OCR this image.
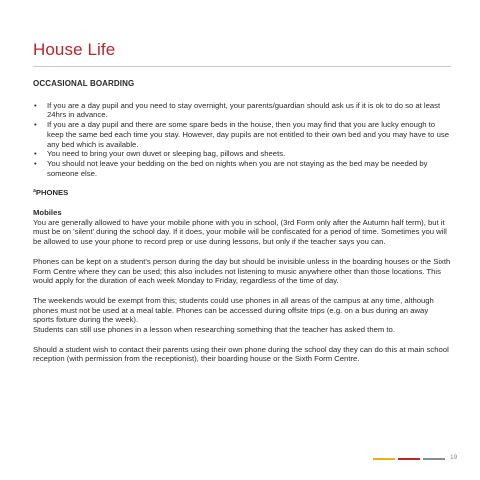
House Life
OCCASIONAL BOARDING
• If you are a day pupil and you need to stay overnight, your parents/guardian should ask us if it is ok to do so at least 24hrs in advance.
• If you are a day pupil and there are some spare beds in the house, then you may find that you are lucky enough to keep the same bed each time you stay. However, day pupils are not entitled to their own bed and you may have to use any bed which is available.
• You need to bring your own duvet or sleeping bag, pillows and sheets.
• You should not leave your bedding on the bed on nights when you are not staying as the bed may be needed by someone else.

ªPHONES

Mobiles

You are generally allowed to have your mobile phone with you in school, (3rd Form only after the Autumn half term), but it must be on 'silent' during the school day. If it does, your mobile will be confiscated for a period of time. Sometimes you will be allowed to use your phone to record prep or use during lessons, but only if the teacher says you can.

Phones can be kept on a student's person during the day but should be invisible unless in the boarding houses or the Sixth Form Centre where they can be used; this also includes not listening to music anywhere other than those locations. This would apply for the duration of each week Monday to Friday, regardless of the time of day.

The weekends would be exempt from this; students could use phones in all areas of the campus at any time, although phones must not be used at a meal table. Phones can be accessed during offsite trips (e.g. on a bus during an away sports fixture during the week).

Students can still use phones in a lesson when researching something that the teacher has asked them to.

Should a student wish to contact their parents using their own phone during the school day they can do this at main school reception (with permission from the receptionist), their boarding house or the Sixth Form Centre.

19
